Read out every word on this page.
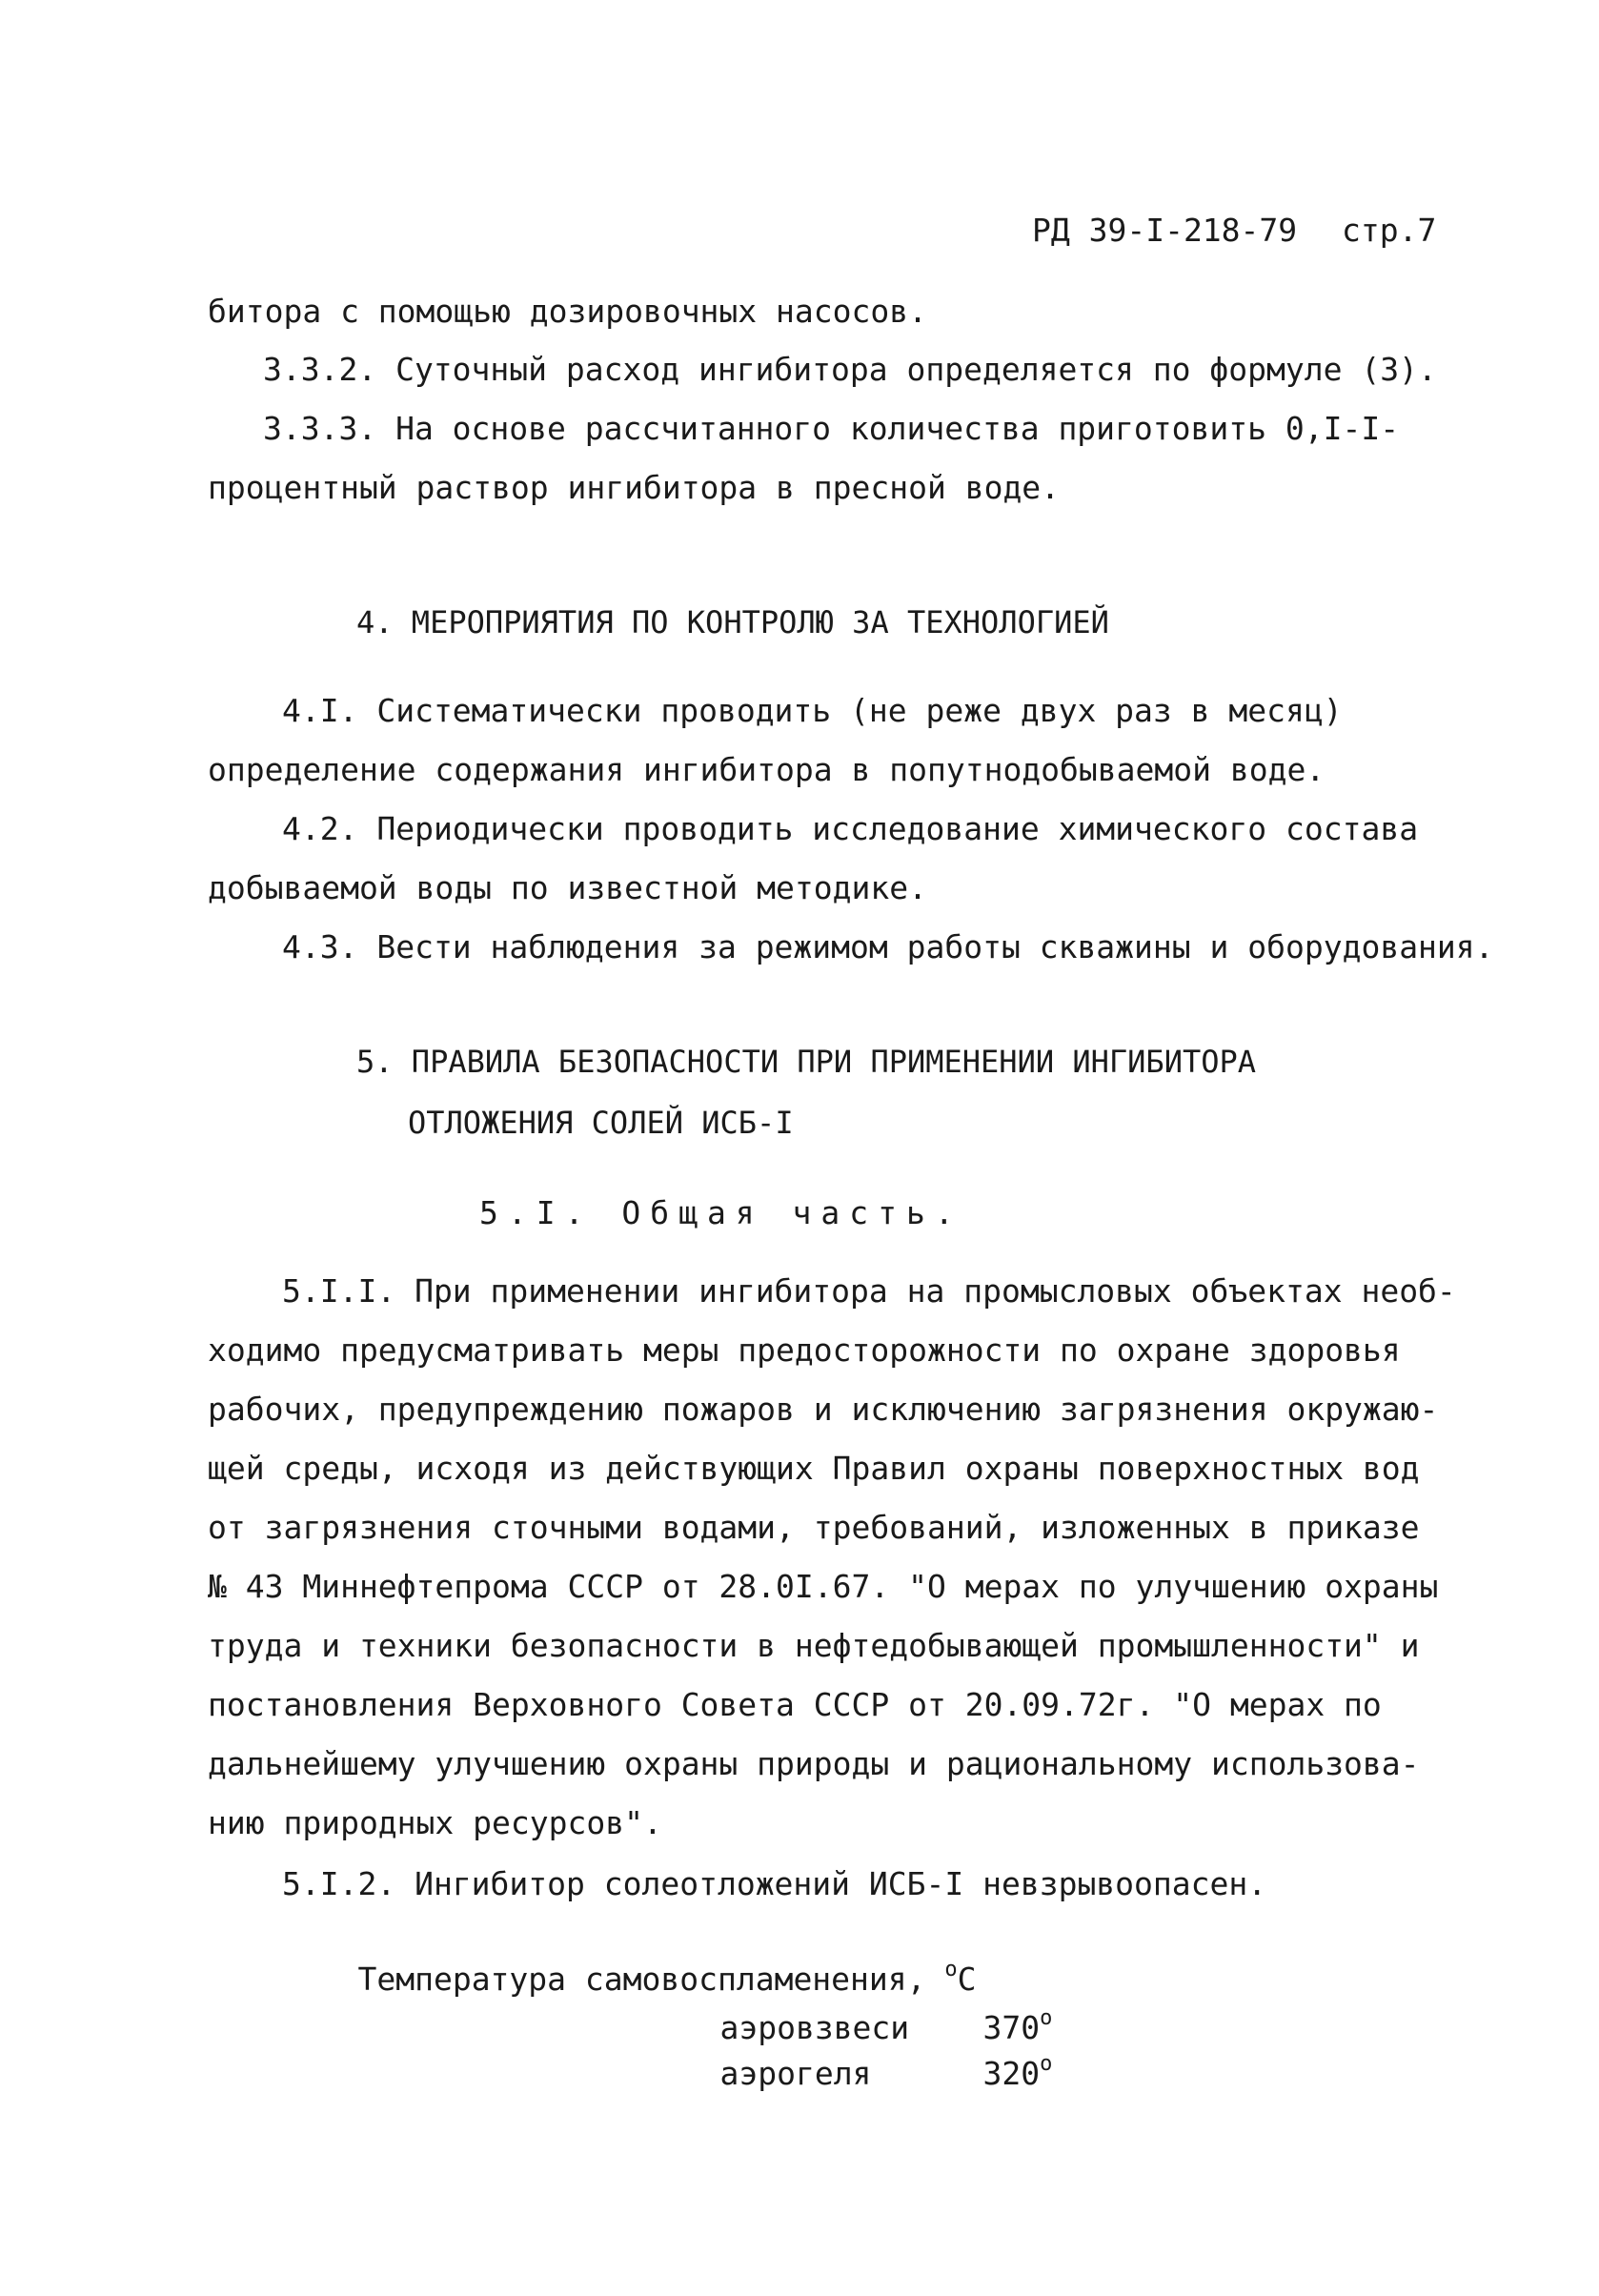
РД 39-І-218-79 стр.7
битора с помощью дозировочных насосов.
3.3.2. Суточный расход ингибитора определяется по формуле (3).
3.3.3. На основе рассчитанного количества приготовить 0,І-І-
процентный раствор ингибитора в пресной воде.
4. МЕРОПРИЯТИЯ ПО КОНТРОЛЮ ЗА ТЕХНОЛОГИЕЙ
4.І. Систематически проводить (не реже двух раз в месяц)
определение содержания ингибитора в попутнодобываемой воде.
4.2. Периодически проводить исследование химического состава
добываемой воды по известной методике.
4.3. Вести наблюдения за режимом работы скважины и оборудования.
5. ПРАВИЛА БЕЗОПАСНОСТИ ПРИ ПРИМЕНЕНИИ ИНГИБИТОРА
ОТЛОЖЕНИЯ СОЛЕЙ ИСБ-І
5.І. Общая часть.
5.І.І. При применении ингибитора на промысловых объектах необ-
ходимо предусматривать меры предосторожности по охране здоровья
рабочих, предупреждению пожаров и исключению загрязнения окружаю-
щей среды, исходя из действующих Правил охраны поверхностных вод
от загрязнения сточными водами, требований, изложенных в приказе
№ 43 Миннефтепрома СССР от 28.0І.67. "О мерах по улучшению охраны
труда и техники безопасности в нефтедобывающей промышленности" и
постановления Верховного Совета СССР от 20.09.72г. "О мерах по
дальнейшему улучшению охраны природы и рациональному использова-
нию природных ресурсов".
5.І.2. Ингибитор солеотложений ИСБ-І невзрывоопасен.

Температура самовоспламенения, $^о$С

аэровзвеси $370^о$

аэрогеля	$320^о$
